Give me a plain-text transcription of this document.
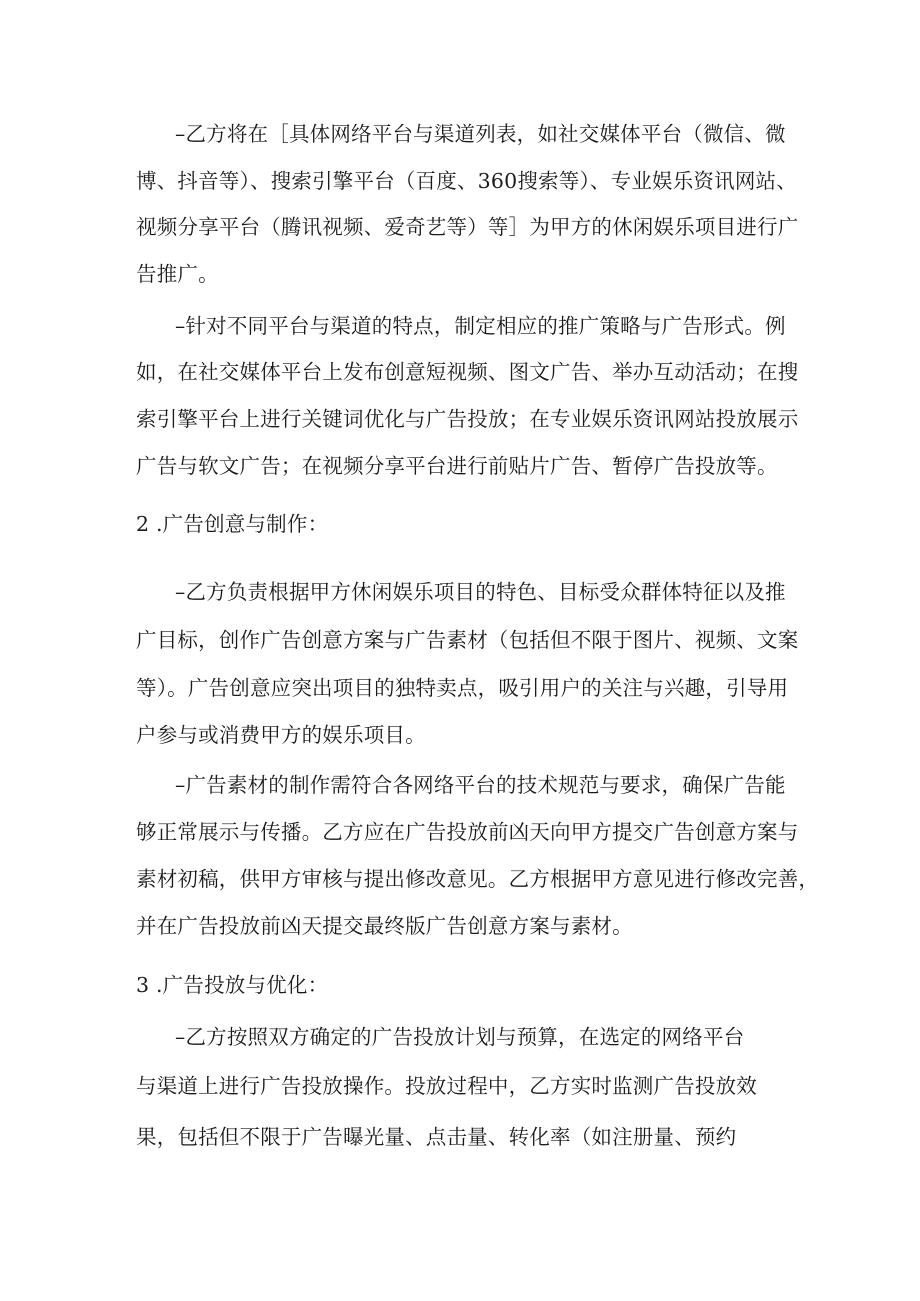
–乙方将在［具体网络平台与渠道列表，如社交媒体平台（微信、微
博、抖音等）、搜索引擎平台（百度、360搜索等）、专业娱乐资讯网站、
视频分享平台（腾讯视频、爱奇艺等）等］为甲方的休闲娱乐项目进行广
告推广。
–针对不同平台与渠道的特点，制定相应的推广策略与广告形式。例
如，在社交媒体平台上发布创意短视频、图文广告、举办互动活动；在搜
索引擎平台上进行关键词优化与广告投放；在专业娱乐资讯网站投放展示
广告与软文广告；在视频分享平台进行前贴片广告、暂停广告投放等。
2 .广告创意与制作：
–乙方负责根据甲方休闲娱乐项目的特色、目标受众群体特征以及推
广目标，创作广告创意方案与广告素材（包括但不限于图片、视频、文案
等）。广告创意应突出项目的独特卖点，吸引用户的关注与兴趣，引导用
户参与或消费甲方的娱乐项目。
–广告素材的制作需符合各网络平台的技术规范与要求，确保广告能
够正常展示与传播。乙方应在广告投放前凶天向甲方提交广告创意方案与
素材初稿，供甲方审核与提出修改意见。乙方根据甲方意见进行修改完善，
并在广告投放前凶天提交最终版广告创意方案与素材。
3 .广告投放与优化：
–乙方按照双方确定的广告投放计划与预算，在选定的网络平台
与渠道上进行广告投放操作。投放过程中，乙方实时监测广告投放效
果，包括但不限于广告曝光量、点击量、转化率（如注册量、预约
